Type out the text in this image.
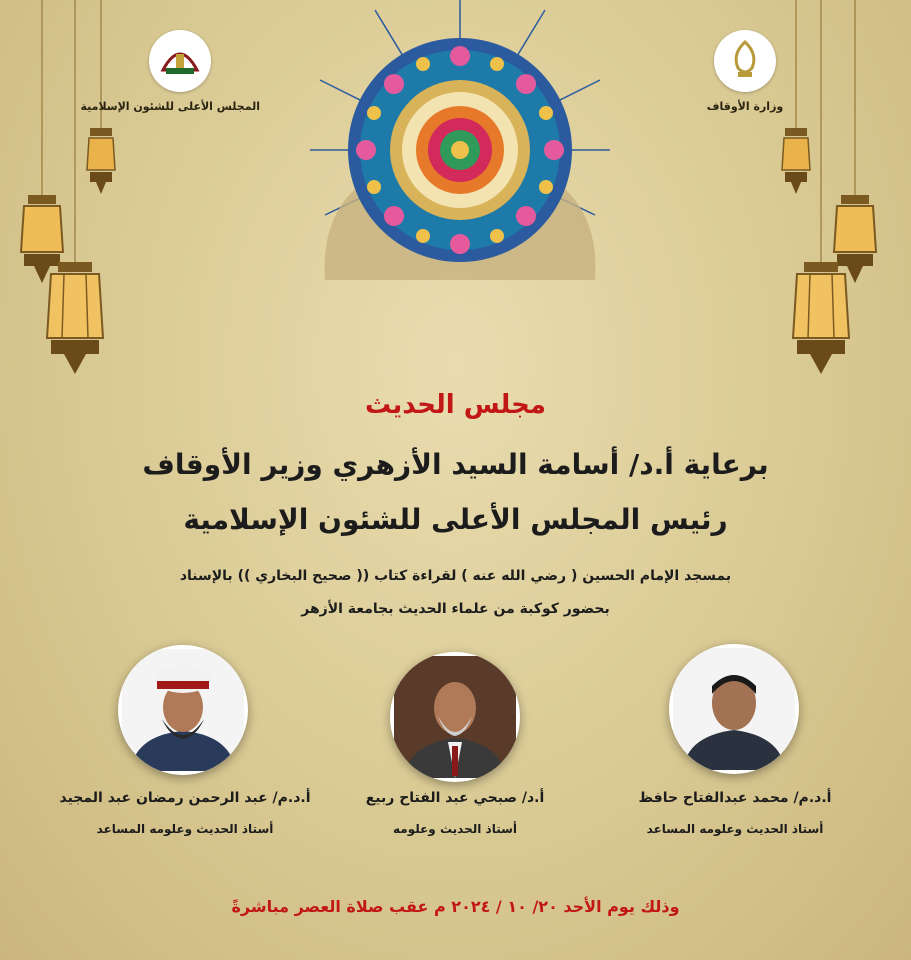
المجلس الأعلى للشئون الإسلامية	وزارة الأوقاف
مجلس الحديث
برعاية أ.د/ أسامة السيد الأزهري وزير الأوقاف
رئيس المجلس الأعلى للشئون الإسلامية
بمسجد الإمام الحسين ( رضي الله عنه ) لقراءة كتاب (( صحيح البخاري )) بالإسناد
بحضور كوكبة من علماء الحديث بجامعة الأزهر
أ.د.م/ محمد عبدالفتاح حافظ
أستاذ الحديث وعلومه المساعد
أ.د/ صبحي عبد الفتاح ربيع
أستاذ الحديث وعلومه
أ.د.م/ عبد الرحمن رمضان عبد المجيد
أستاذ الحديث وعلومه المساعد
وذلك يوم الأحد ٢٠/ ١٠ / ٢٠٢٤ م عقب صلاة العصر مباشرةً
